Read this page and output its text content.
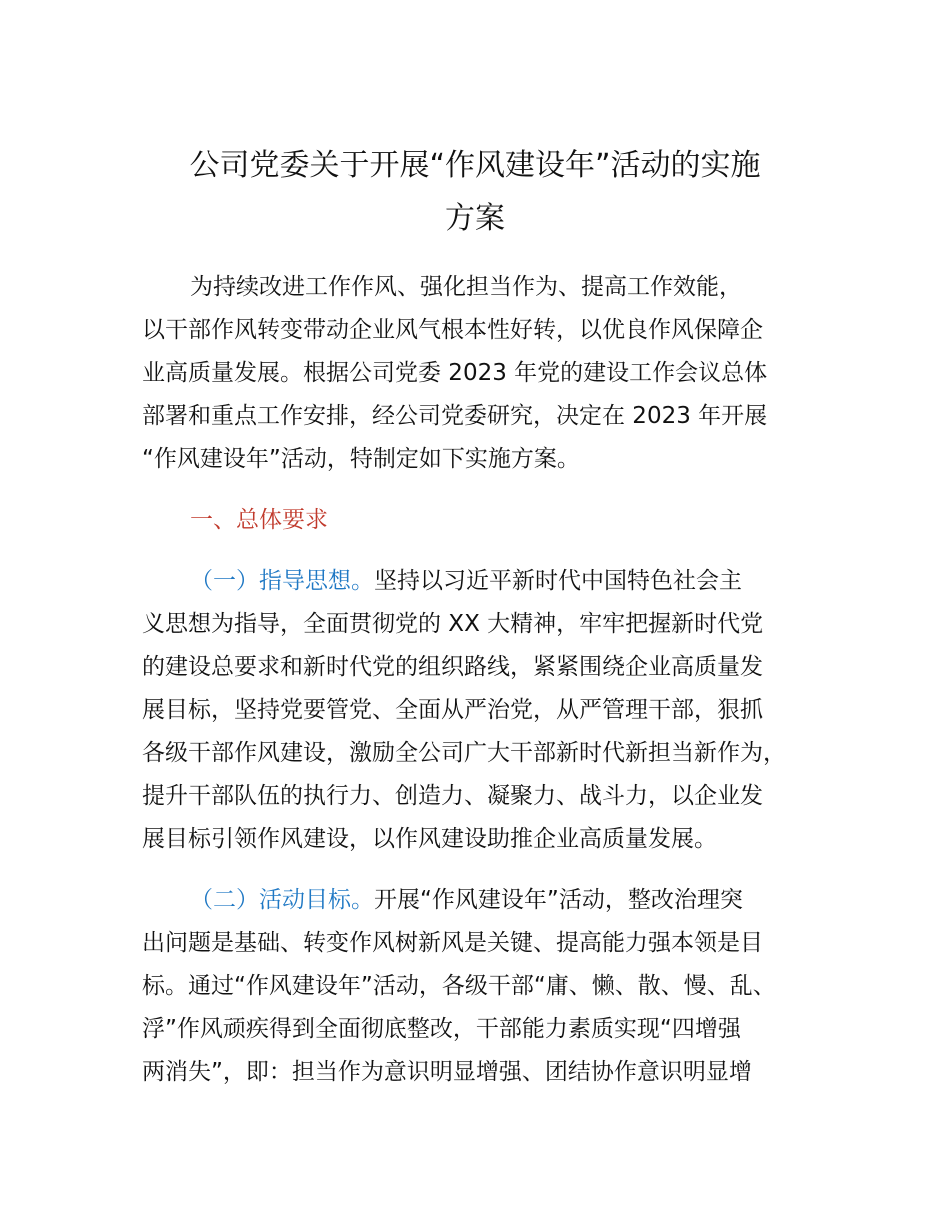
公司党委关于开展“作风建设年”活动的实施
方案
为持续改进工作作风、强化担当作为、提高工作效能，
以干部作风转变带动企业风气根本性好转，以优良作风保障企
业高质量发展。根据公司党委 2023 年党的建设工作会议总体
部署和重点工作安排，经公司党委研究，决定在 2023 年开展
“作风建设年”活动，特制定如下实施方案。
一、总体要求
（一）指导思想。坚持以习近平新时代中国特色社会主
义思想为指导，全面贯彻党的 XX 大精神，牢牢把握新时代党
的建设总要求和新时代党的组织路线，紧紧围绕企业高质量发
展目标，坚持党要管党、全面从严治党，从严管理干部，狠抓
各级干部作风建设，激励全公司广大干部新时代新担当新作为，
提升干部队伍的执行力、创造力、凝聚力、战斗力，以企业发
展目标引领作风建设，以作风建设助推企业高质量发展。
（二）活动目标。开展“作风建设年”活动，整改治理突
出问题是基础、转变作风树新风是关键、提高能力强本领是目
标。通过“作风建设年”活动，各级干部“庸、懒、散、慢、乱、
浮”作风顽疾得到全面彻底整改，干部能力素质实现“四增强
两消失”，即：担当作为意识明显增强、团结协作意识明显增
